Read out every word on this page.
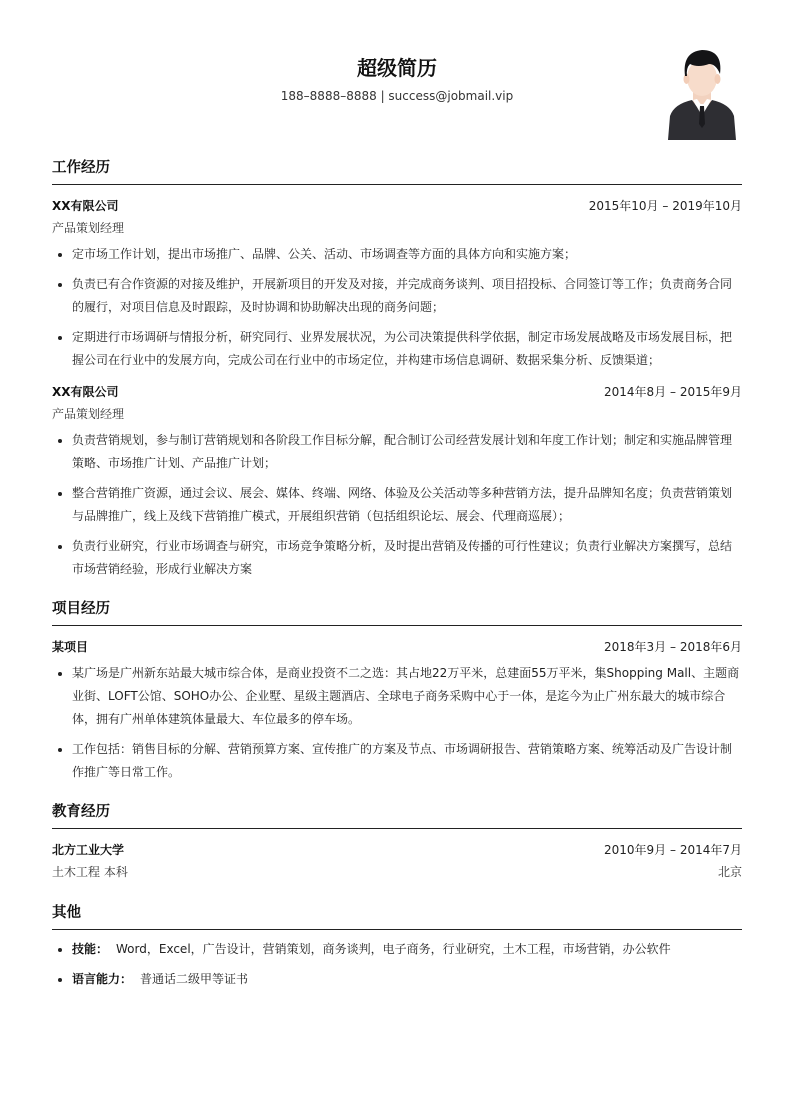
超级简历
188–8888–8888 | success@jobmail.vip
工作经历
XX有限公司	2015年10月 – 2019年10月
产品策划经理
• 定市场工作计划，提出市场推广、品牌、公关、活动、市场调查等方面的具体方向和实施方案；
• 负责已有合作资源的对接及维护，开展新项目的开发及对接，并完成商务谈判、项目招投标、合同签订等工作；负责商务合同的履行，对项目信息及时跟踪，及时协调和协助解决出现的商务问题；
• 定期进行市场调研与情报分析，研究同行、业界发展状况，为公司决策提供科学依据，制定市场发展战略及市场发展目标，把握公司在行业中的发展方向，完成公司在行业中的市场定位，并构建市场信息调研、数据采集分析、反馈渠道；
XX有限公司	2014年8月 – 2015年9月
产品策划经理
• 负责营销规划，参与制订营销规划和各阶段工作目标分解，配合制订公司经营发展计划和年度工作计划；制定和实施品牌管理策略、市场推广计划、产品推广计划；
• 整合营销推广资源，通过会议、展会、媒体、终端、网络、体验及公关活动等多种营销方法，提升品牌知名度；负责营销策划与品牌推广，线上及线下营销推广模式，开展组织营销（包括组织论坛、展会、代理商巡展）；
• 负责行业研究，行业市场调查与研究，市场竞争策略分析，及时提出营销及传播的可行性建议；负责行业解决方案撰写，总结市场营销经验，形成行业解决方案
项目经历
某项目	2018年3月 – 2018年6月
• 某广场是广州新东站最大城市综合体，是商业投资不二之选：其占地22万平米，总建面55万平米，集Shopping Mall、主题商业街、LOFT公馆、SOHO办公、企业墅、星级主题酒店、全球电子商务采购中心于一体，是迄今为止广州东最大的城市综合体，拥有广州单体建筑体量最大、车位最多的停车场。
• 工作包括：销售目标的分解、营销预算方案、宣传推广的方案及节点、市场调研报告、营销策略方案、统筹活动及广告设计制作推广等日常工作。
教育经历
北方工业大学	2010年9月 – 2014年7月
土木工程 本科	北京
其他
• 技能： Word，Excel，广告设计，营销策划，商务谈判，电子商务，行业研究，土木工程，市场营销，办公软件
• 语言能力： 普通话二级甲等证书
